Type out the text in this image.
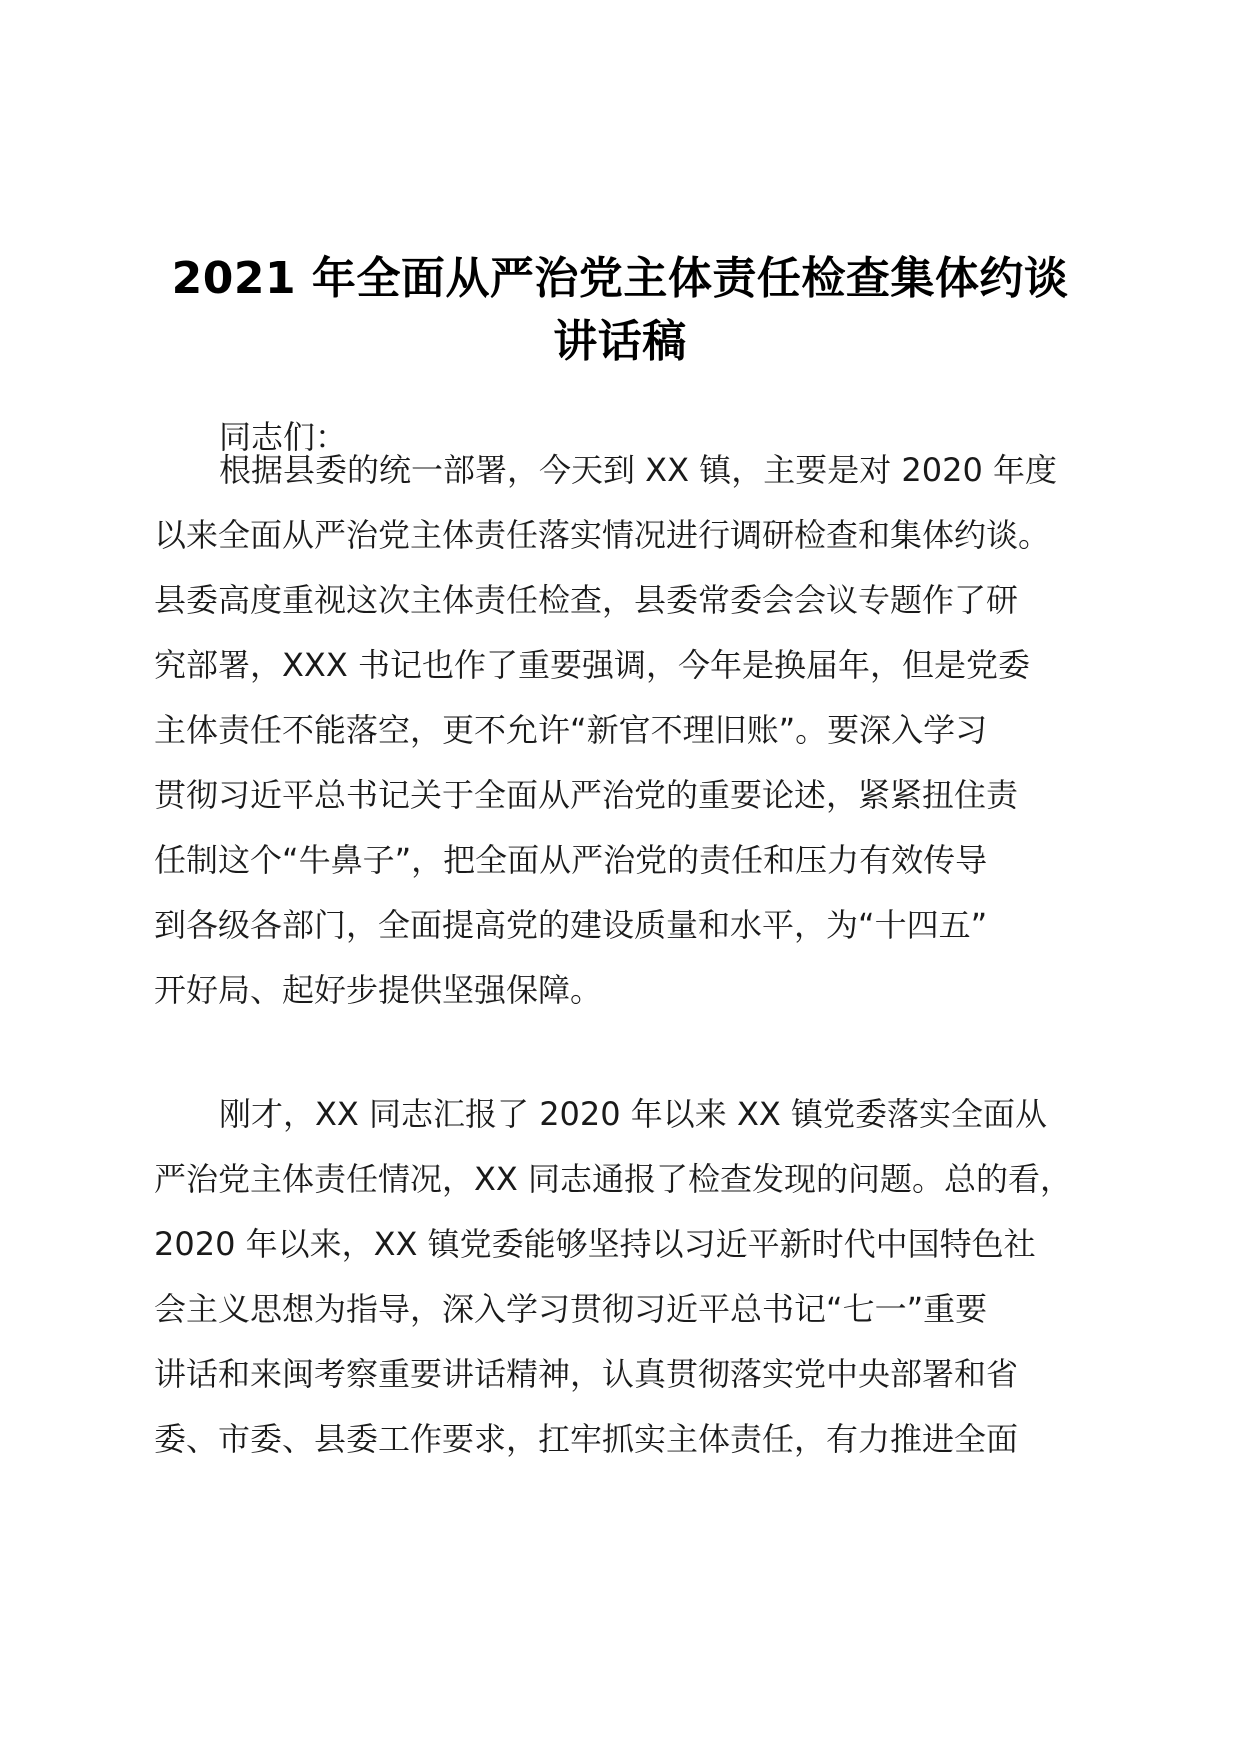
2021 年全面从严治党主体责任检查集体约谈
讲话稿
同志们：
根据县委的统一部署，今天到 XX 镇，主要是对 2020 年度
以来全面从严治党主体责任落实情况进行调研检查和集体约谈。
县委高度重视这次主体责任检查，县委常委会会议专题作了研
究部署，XXX 书记也作了重要强调，今年是换届年，但是党委
主体责任不能落空，更不允许“新官不理旧账”。要深入学习
贯彻习近平总书记关于全面从严治党的重要论述，紧紧扭住责
任制这个“牛鼻子”，把全面从严治党的责任和压力有效传导
到各级各部门，全面提高党的建设质量和水平，为“十四五”
开好局、起好步提供坚强保障。
刚才，XX 同志汇报了 2020 年以来 XX 镇党委落实全面从
严治党主体责任情况，XX 同志通报了检查发现的问题。总的看，
2020 年以来，XX 镇党委能够坚持以习近平新时代中国特色社
会主义思想为指导，深入学习贯彻习近平总书记“七一”重要
讲话和来闽考察重要讲话精神，认真贯彻落实党中央部署和省
委、市委、县委工作要求，扛牢抓实主体责任，有力推进全面
